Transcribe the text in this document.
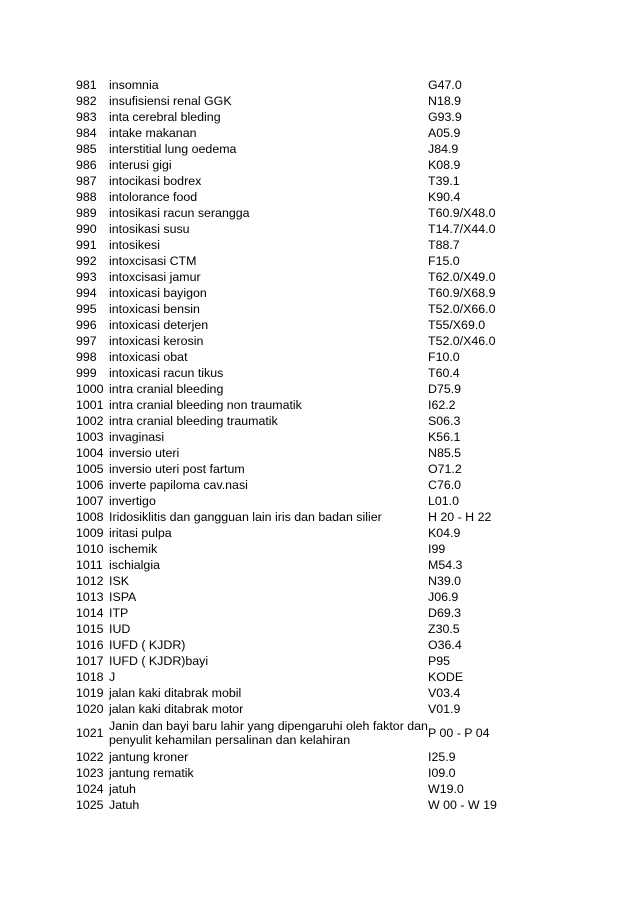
981	insomnia	G47.0
982	insufisiensi renal GGK	N18.9
983	inta cerebral bleding	G93.9
984	intake makanan	A05.9
985	interstitial lung oedema	J84.9
986	interusi gigi	K08.9
987	intocikasi bodrex	T39.1
988	intolorance food	K90.4
989	intosikasi racun serangga	T60.9/X48.0
990	intosikasi susu	T14.7/X44.0
991	intosikesi	T88.7
992	intoxcisasi CTM	F15.0
993	intoxcisasi jamur	T62.0/X49.0
994	intoxicasi bayigon	T60.9/X68.9
995	intoxicasi bensin	T52.0/X66.0
996	intoxicasi deterjen	T55/X69.0
997	intoxicasi kerosin	T52.0/X46.0
998	intoxicasi obat	F10.0
999	intoxicasi racun tikus	T60.4
1000	intra cranial bleeding	D75.9
1001	intra cranial bleeding non traumatik	I62.2
1002	intra cranial bleeding traumatik	S06.3
1003	invaginasi	K56.1
1004	inversio uteri	N85.5
1005	inversio uteri post fartum	O71.2
1006	inverte papiloma cav.nasi	C76.0
1007	invertigo	L01.0
1008	Iridosiklitis dan gangguan lain iris dan badan silier	H 20 - H 22
1009	iritasi pulpa	K04.9
1010	ischemik	I99
1011	ischialgia	M54.3
1012	ISK	N39.0
1013	ISPA	J06.9
1014	ITP	D69.3
1015	IUD	Z30.5
1016	IUFD ( KJDR)	O36.4
1017	IUFD ( KJDR)bayi	P95
1018	J	KODE
1019	jalan kaki ditabrak mobil	V03.4
1020	jalan kaki ditabrak motor	V01.9
1021	Janin dan bayi baru lahir yang dipengaruhi oleh faktor dan penyulit kehamilan persalinan dan kelahiran	P 00 - P 04
1022	jantung kroner	I25.9
1023	jantung rematik	I09.0
1024	jatuh	W19.0
1025	Jatuh	W 00 - W 19
